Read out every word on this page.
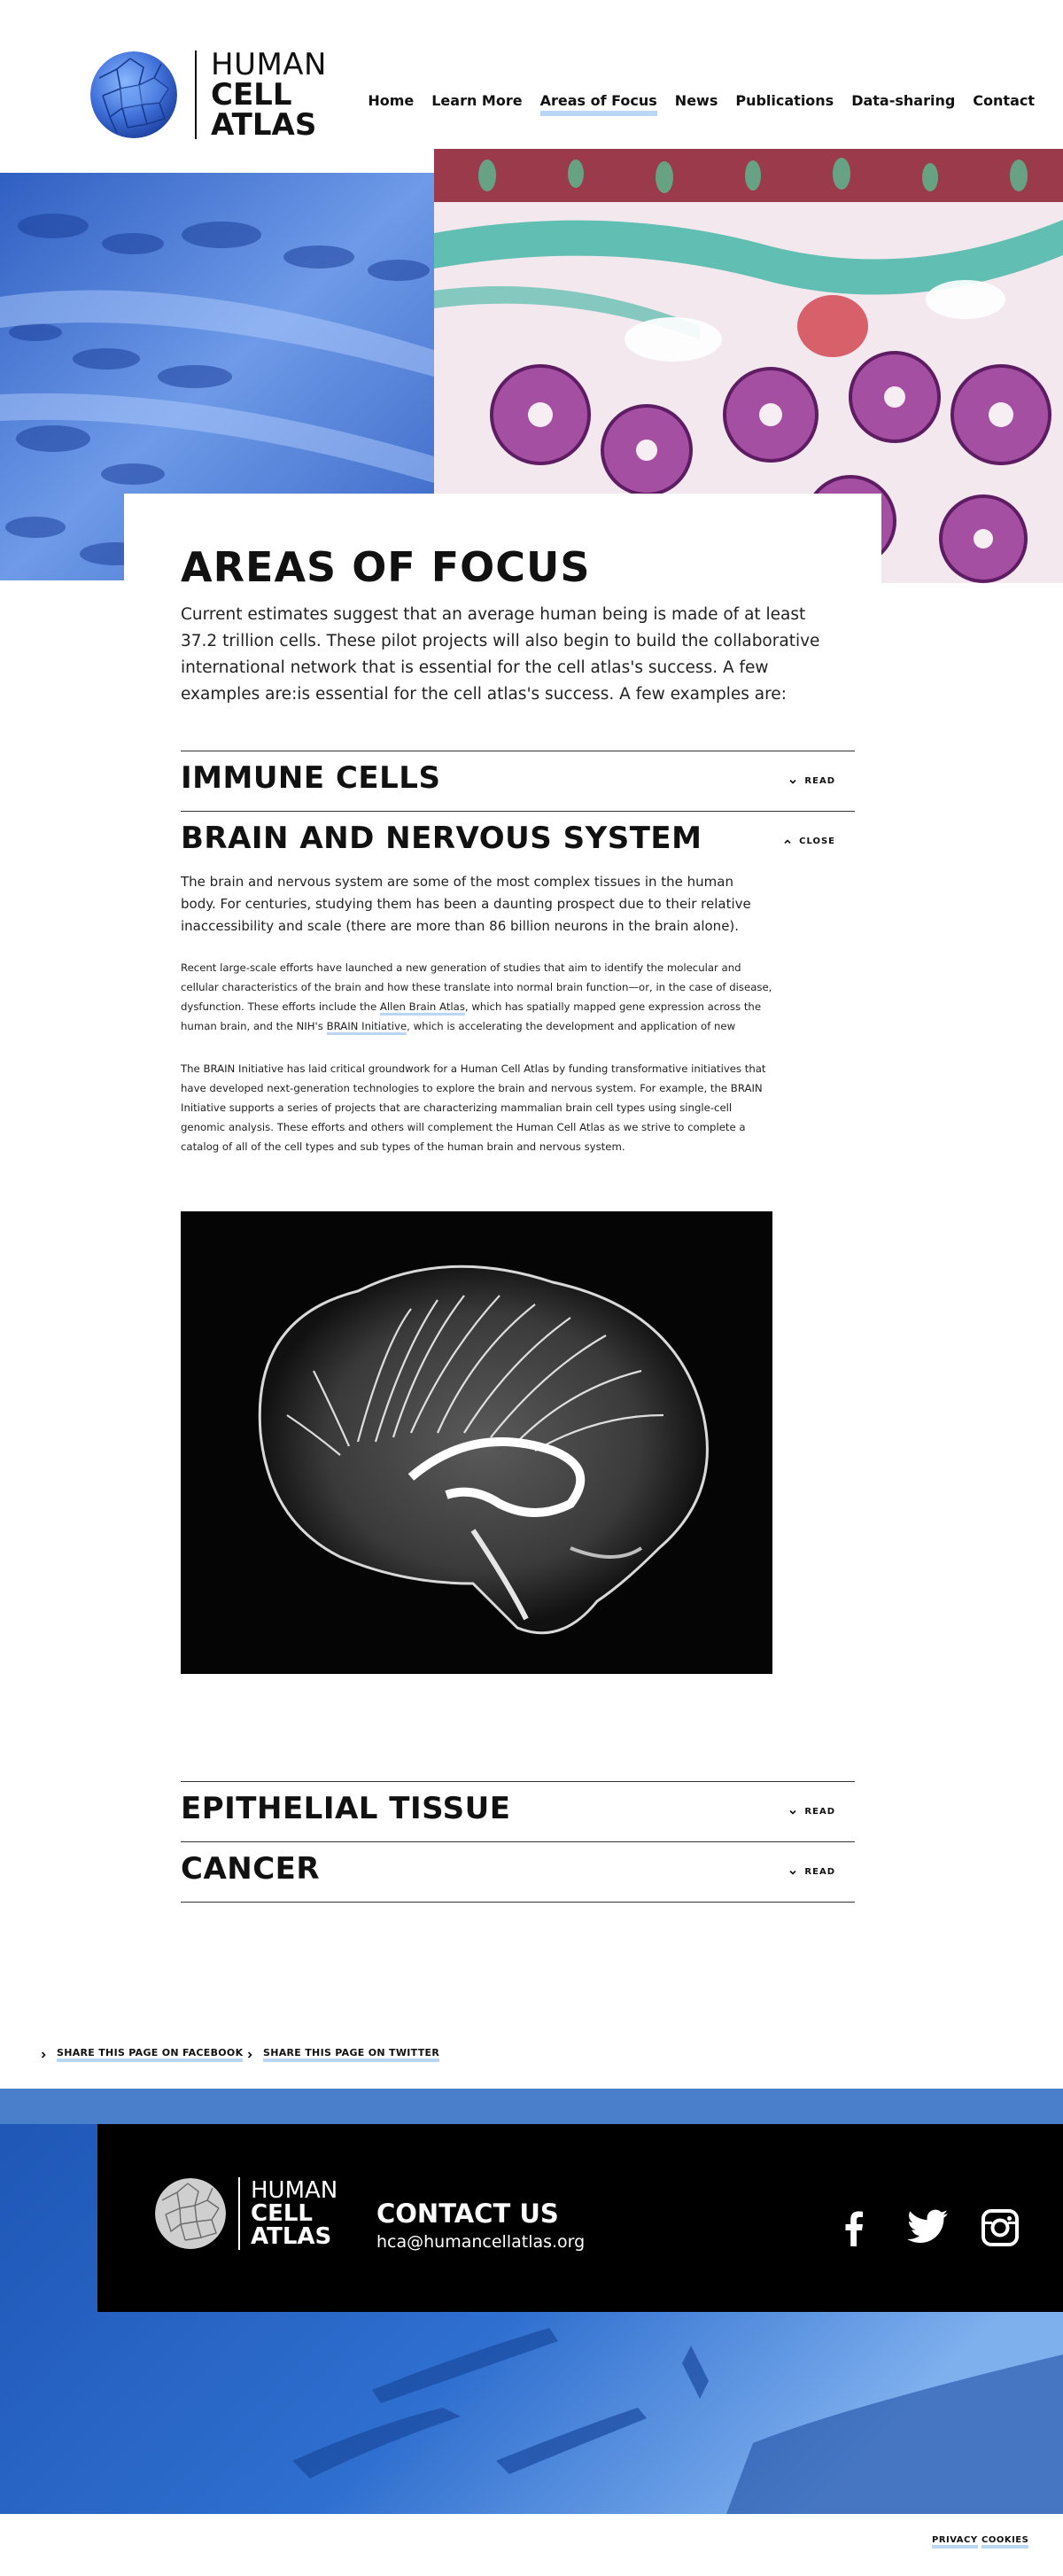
HUMAN
CELL
ATLAS
Home Learn More Areas of Focus News Publications Data-sharing Contact
AREAS OF FOCUS

Current estimates suggest that an average human being is made of at least 37.2 trillion cells. These pilot projects will also begin to build the collaborative international network that is essential for the cell atlas's success. A few examples are:is essential for the cell atlas's success. A few examples are:

IMMUNE CELLS	READ
BRAIN AND NERVOUS SYSTEM	CLOSE

The brain and nervous system are some of the most complex tissues in the human body. For centuries, studying them has been a daunting prospect due to their relative inaccessibility and scale (there are more than 86 billion neurons in the brain alone).

Recent large-scale efforts have launched a new generation of studies that aim to identify the molecular and cellular characteristics of the brain and how these translate into normal brain function—or, in the case of disease, dysfunction. These efforts include the Allen Brain Atlas, which has spatially mapped gene expression across the human brain, and the NIH's BRAIN Initiative, which is accelerating the development and application of new

The BRAIN Initiative has laid critical groundwork for a Human Cell Atlas by funding transformative initiatives that have developed next-generation technologies to explore the brain and nervous system. For example, the BRAIN Initiative supports a series of projects that are characterizing mammalian brain cell types using single-cell genomic analysis. These efforts and others will complement the Human Cell Atlas as we strive to complete a catalog of all of the cell types and sub types of the human brain and nervous system.

EPITHELIAL TISSUE	READ
CANCER	READ
SHARE THIS PAGE ON FACEBOOK SHARE THIS PAGE ON TWITTER
HUMAN
CELL
ATLAS
CONTACT US
hca@humancellatlas.org
PRIVACY COOKIES
